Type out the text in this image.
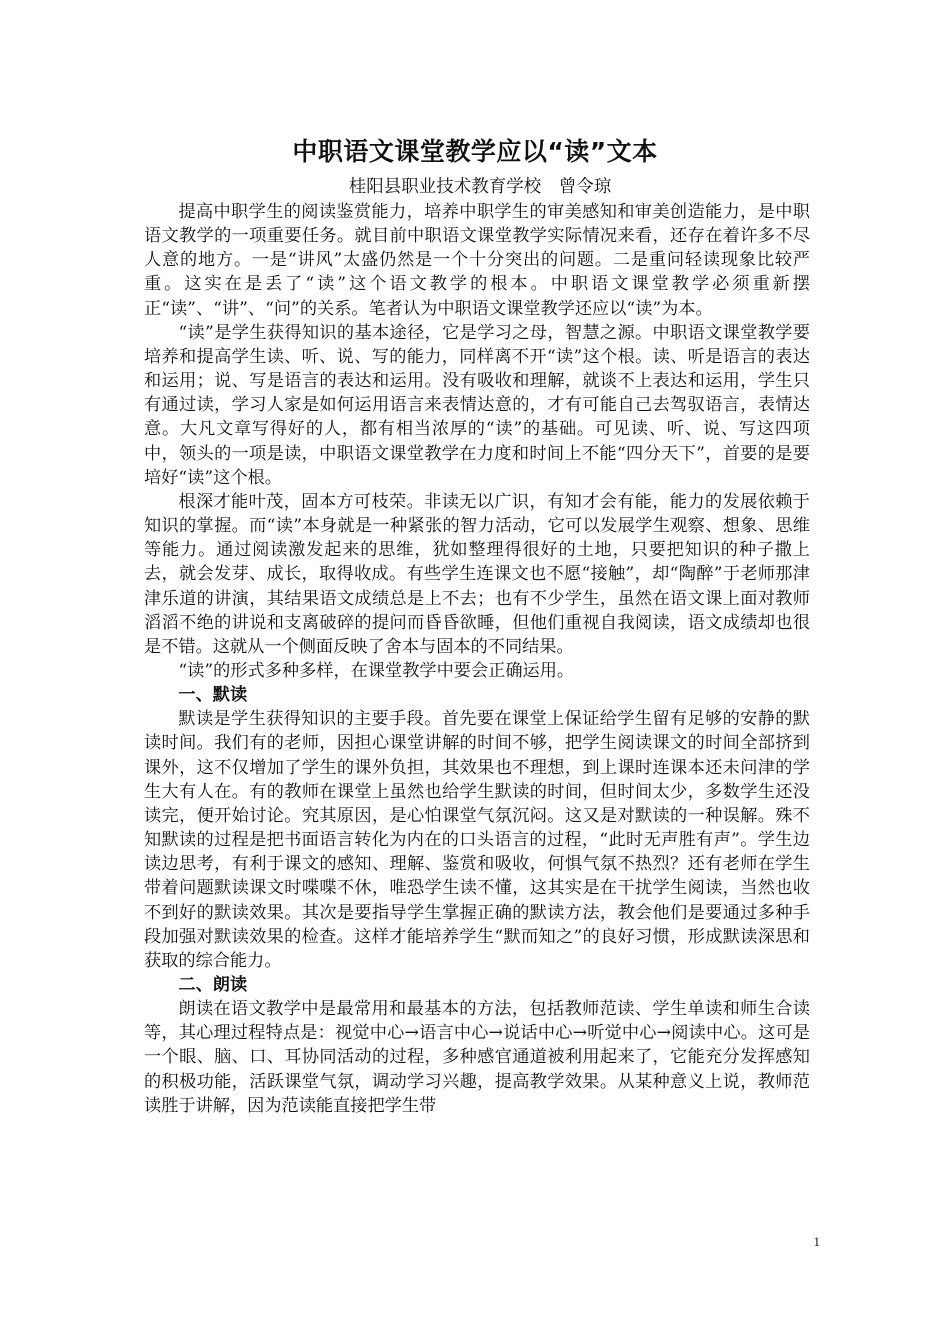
中职语文课堂教学应以“读”文本
桂阳县职业技术教育学校　曾令琼

提高中职学生的阅读鉴赏能力，培养中职学生的审美感知和审美创造能力，是中职语文教学的一项重要任务。就目前中职语文课堂教学实际情况来看，还存在着许多不尽人意的地方。一是“讲风”太盛仍然是一个十分突出的问题。二是重问轻读现象比较严重。这实在是丢了“读”这个语文教学的根本。中职语文课堂教学必须重新摆正“读”、“讲”、“问”的关系。笔者认为中职语文课堂教学还应以“读”为本。

“读”是学生获得知识的基本途径，它是学习之母，智慧之源。中职语文课堂教学要培养和提高学生读、听、说、写的能力，同样离不开“读”这个根。读、听是语言的表达和运用；说、写是语言的表达和运用。没有吸收和理解，就谈不上表达和运用，学生只有通过读，学习人家是如何运用语言来表情达意的，才有可能自己去驾驭语言，表情达意。大凡文章写得好的人，都有相当浓厚的“读”的基础。可见读、听、说、写这四项中，领头的一项是读，中职语文课堂教学在力度和时间上不能“四分天下”，首要的是要培好“读”这个根。

根深才能叶茂，固本方可枝荣。非读无以广识，有知才会有能，能力的发展依赖于知识的掌握。而“读”本身就是一种紧张的智力活动，它可以发展学生观察、想象、思维等能力。通过阅读激发起来的思维，犹如整理得很好的土地，只要把知识的种子撒上去，就会发芽、成长，取得收成。有些学生连课文也不愿“接触”，却“陶醉”于老师那津津乐道的讲演，其结果语文成绩总是上不去；也有不少学生，虽然在语文课上面对教师滔滔不绝的讲说和支离破碎的提问而昏昏欲睡，但他们重视自我阅读，语文成绩却也很是不错。这就从一个侧面反映了舍本与固本的不同结果。

“读”的形式多种多样，在课堂教学中要会正确运用。

一、默读

默读是学生获得知识的主要手段。首先要在课堂上保证给学生留有足够的安静的默读时间。我们有的老师，因担心课堂讲解的时间不够，把学生阅读课文的时间全部挤到课外，这不仅增加了学生的课外负担，其效果也不理想，到上课时连课本还未问津的学生大有人在。有的教师在课堂上虽然也给学生默读的时间，但时间太少，多数学生还没读完，便开始讨论。究其原因，是心怕课堂气氛沉闷。这又是对默读的一种误解。殊不知默读的过程是把书面语言转化为内在的口头语言的过程，“此时无声胜有声”。学生边读边思考，有利于课文的感知、理解、鉴赏和吸收，何惧气氛不热烈？还有老师在学生带着问题默读课文时喋喋不休，唯恐学生读不懂，这其实是在干扰学生阅读，当然也收不到好的默读效果。其次是要指导学生掌握正确的默读方法，教会他们是要通过多种手段加强对默读效果的检查。这样才能培养学生“默而知之”的良好习惯，形成默读深思和获取的综合能力。

二、朗读

朗读在语文教学中是最常用和最基本的方法，包括教师范读、学生单读和师生合读等，其心理过程特点是：视觉中心→语言中心→说话中心→听觉中心→阅读中心。这可是一个眼、脑、口、耳协同活动的过程，多种感官通道被利用起来了，它能充分发挥感知的积极功能，活跃课堂气氛，调动学习兴趣，提高教学效果。从某种意义上说，教师范读胜于讲解，因为范读能直接把学生带

1
